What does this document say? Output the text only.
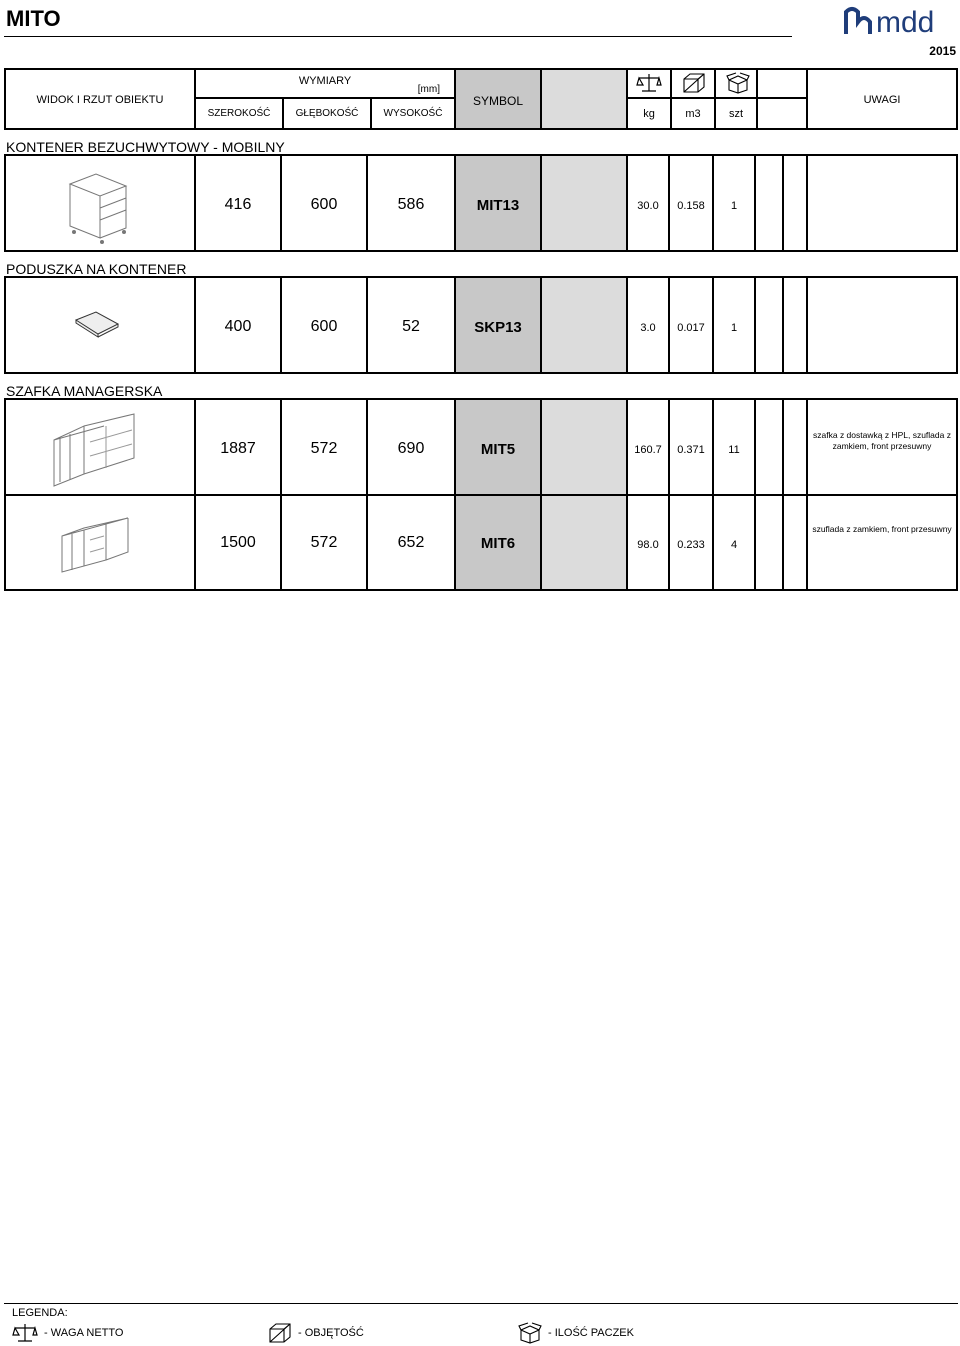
MITO	mdd
2015
WIDOK I RZUT OBIEKTU
WYMIARY
[mm]
SZEROKOŚĆ	GŁĘBOKOŚĆ	WYSOKOŚĆ
SYMBOL
kg	m3	szt
UWAGI
KONTENER BEZUCHWYTOWY - MOBILNY
416	600	586	MIT13	30.0	0.158	1
PODUSZKA NA KONTENER
400	600	52	SKP13	3.0	0.017	1
SZAFKA MANAGERSKA
1887	572	690	MIT5	160.7	0.371	11
szafka z dostawką z HPL, szuflada z zamkiem, front przesuwny
1500	572	652	MIT6	98.0	0.233	4
szuflada z zamkiem, front przesuwny
LEGENDA:
- WAGA NETTO	- OBJĘTOŚĆ	- ILOŚĆ PACZEK
